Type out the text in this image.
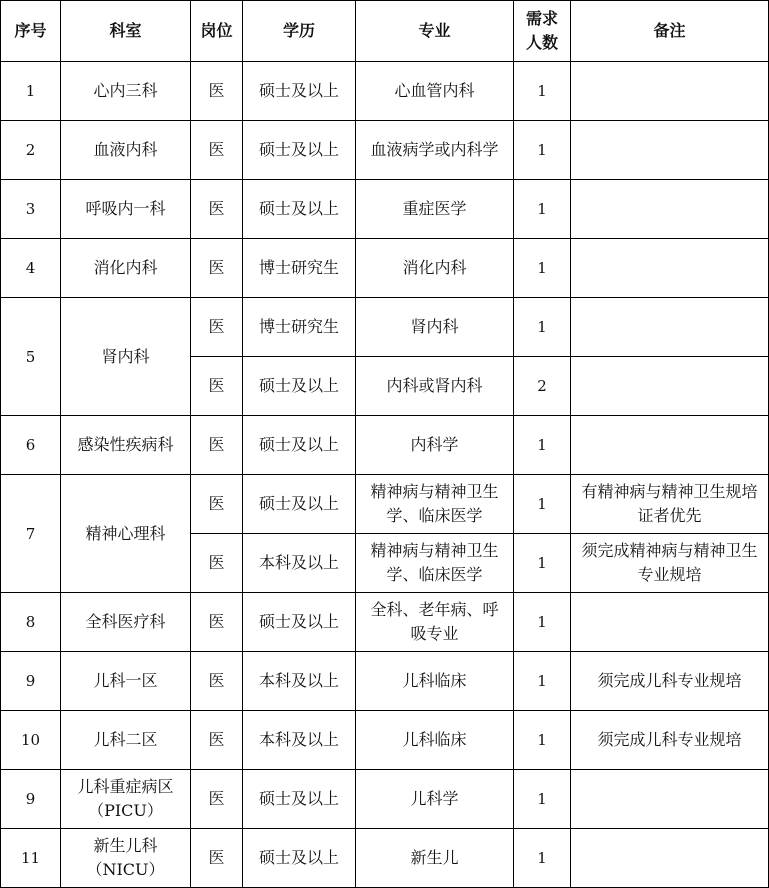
序号	科室	岗位	学历	专业	需求人数	备注
1	心内三科	医	硕士及以上	心血管内科	1	
2	血液内科	医	硕士及以上	血液病学或内科学	1	
3	呼吸内一科	医	硕士及以上	重症医学	1	
4	消化内科	医	博士研究生	消化内科	1	
5	肾内科	医	博士研究生	肾内科	1	
		医	硕士及以上	内科或肾内科	2	
6	感染性疾病科	医	硕士及以上	内科学	1	
7	精神心理科	医	硕士及以上	精神病与精神卫生学、临床医学	1	有精神病与精神卫生规培证者优先
		医	本科及以上	精神病与精神卫生学、临床医学	1	须完成精神病与精神卫生专业规培
8	全科医疗科	医	硕士及以上	全科、老年病、呼吸专业	1	
9	儿科一区	医	本科及以上	儿科临床	1	须完成儿科专业规培
10	儿科二区	医	本科及以上	儿科临床	1	须完成儿科专业规培
9	儿科重症病区（PICU）	医	硕士及以上	儿科学	1	
11	新生儿科（NICU）	医	硕士及以上	新生儿	1	
